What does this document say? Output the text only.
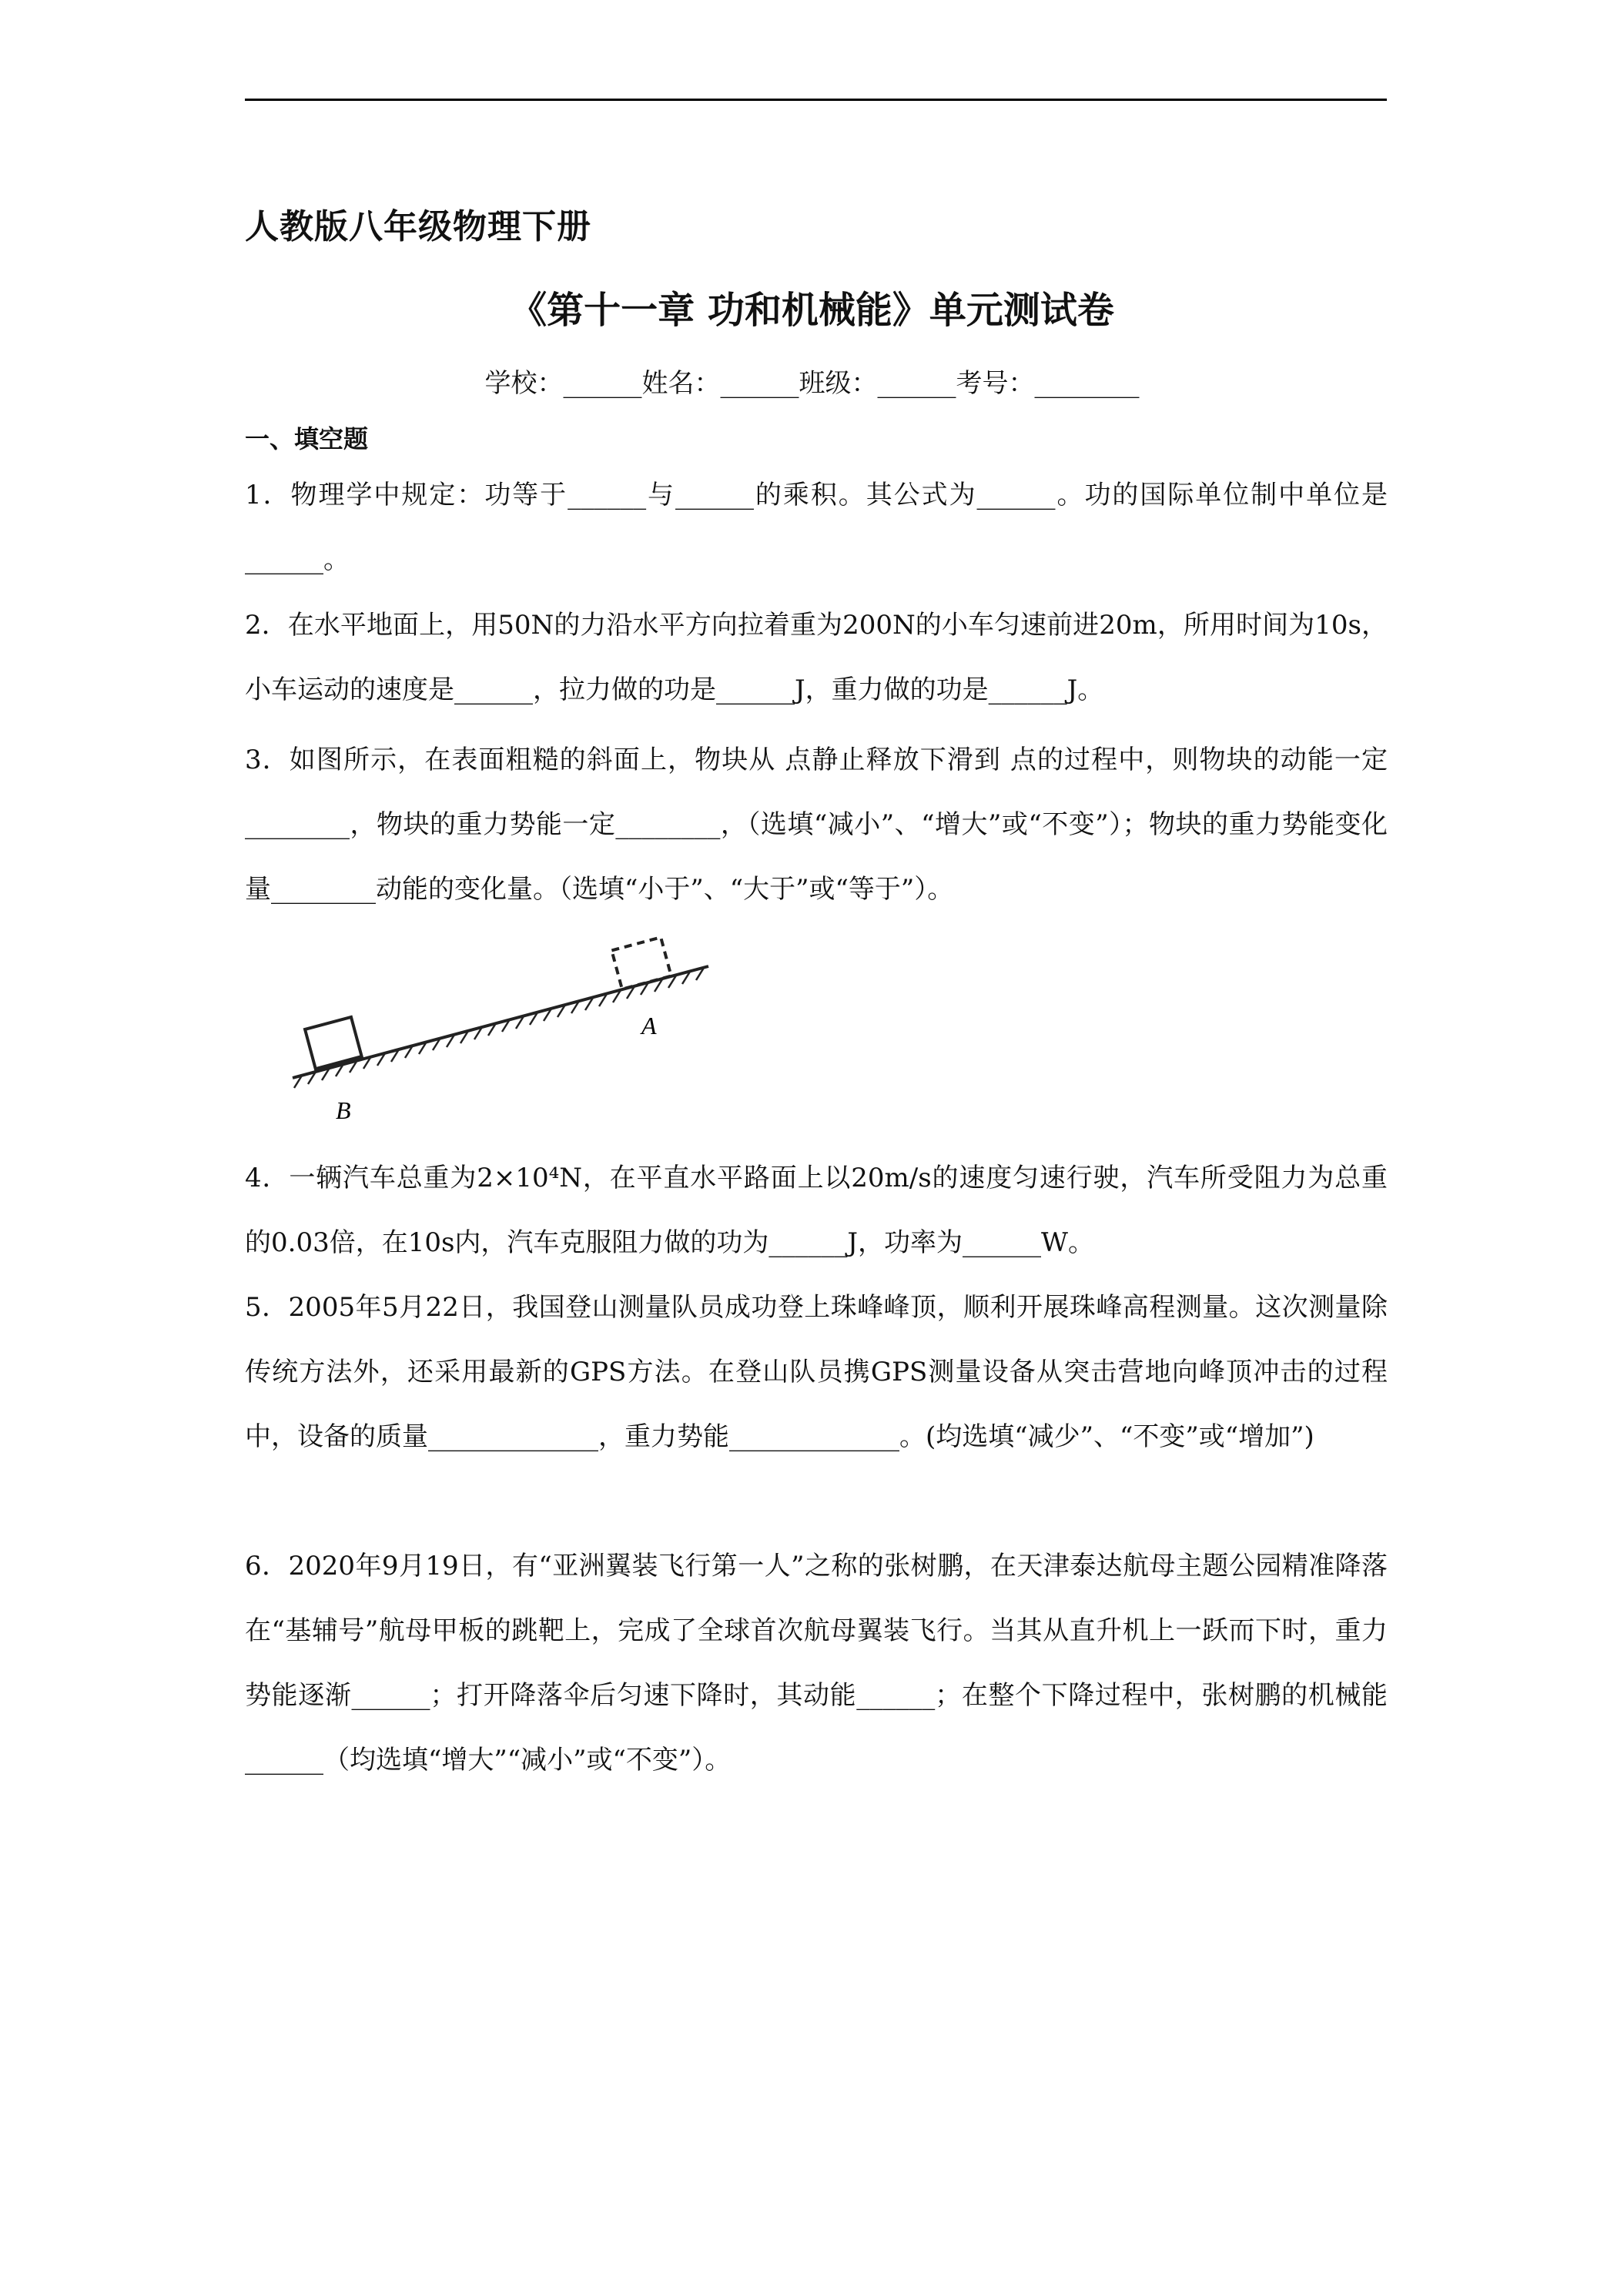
人教版八年级物理下册
《第十一章 功和机械能》单元测试卷
学校：______姓名：______班级：______考号：________
一、填空题
1．物理学中规定：功等于______与______的乘积。其公式为______。功的国际单位制中单位是______。
2．在水平地面上，用50N的力沿水平方向拉着重为200N的小车匀速前进20m，所用时间为10s，小车运动的速度是______，拉力做的功是______J，重力做的功是______J。
3．如图所示，在表面粗糙的斜面上，物块从 点静止释放下滑到 点的过程中，则物块的动能一定________，物块的重力势能一定________，（选填“减小”、“增大”或“不变”）；物块的重力势能变化量________动能的变化量。（选填“小于”、“大于”或“等于”）。
A
B
4．一辆汽车总重为2×10⁴N，在平直水平路面上以20m/s的速度匀速行驶，汽车所受阻力为总重的0.03倍，在10s内，汽车克服阻力做的功为______J，功率为______W。
5．2005年5月22日，我国登山测量队员成功登上珠峰峰顶，顺利开展珠峰高程测量。这次测量除传统方法外，还采用最新的GPS方法。在登山队员携GPS测量设备从突击营地向峰顶冲击的过程中，设备的质量_____________，重力势能_____________。(均选填“减少”、“不变”或“增加”)
6．2020年9月19日，有“亚洲翼装飞行第一人”之称的张树鹏，在天津泰达航母主题公园精准降落在“基辅号”航母甲板的跳靶上，完成了全球首次航母翼装飞行。当其从直升机上一跃而下时，重力势能逐渐______；打开降落伞后匀速下降时，其动能______；在整个下降过程中，张树鹏的机械能______（均选填“增大”“减小”或“不变”）。
